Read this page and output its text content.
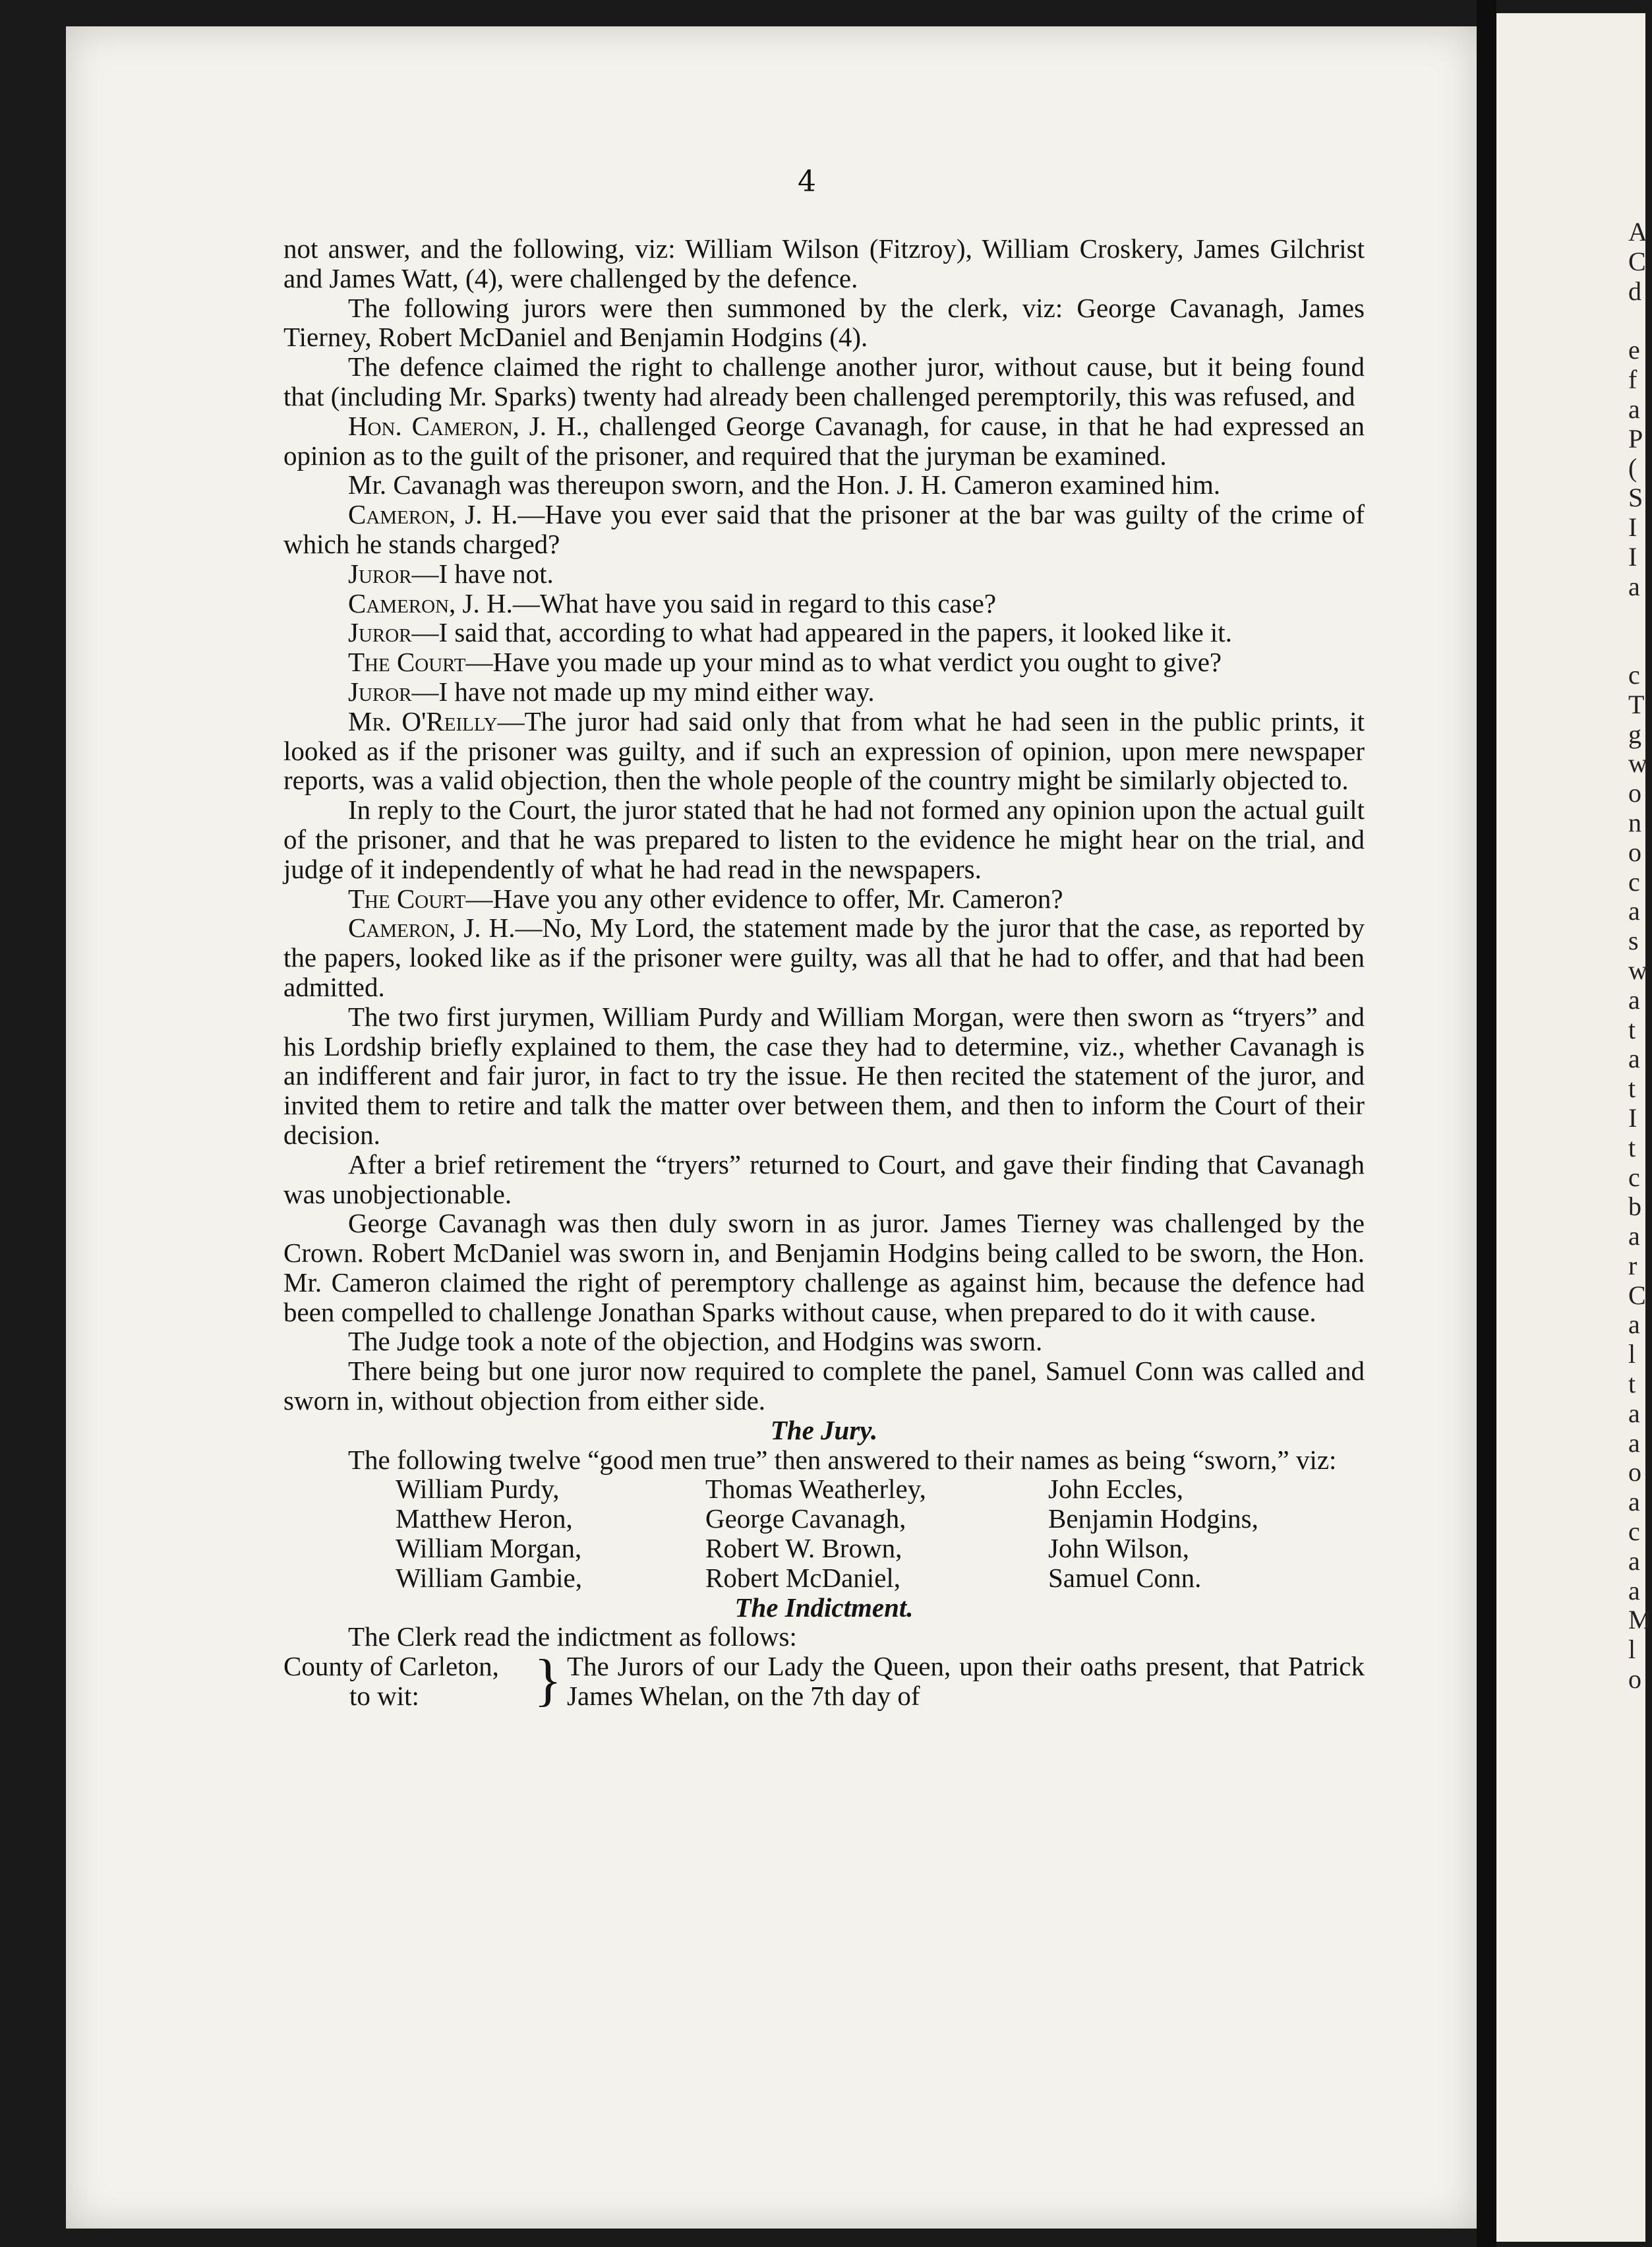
4

not answer, and the following, viz: William Wilson (Fitzroy), William Croskery, James Gilchrist and James Watt, (4), were challenged by the defence.

The following jurors were then summoned by the clerk, viz: George Cavanagh, James Tierney, Robert McDaniel and Benjamin Hodgins (4).

The defence claimed the right to challenge another juror, without cause, but it being found that (including Mr. Sparks) twenty had already been challenged peremptorily, this was refused, and

Hon. Cameron, J. H., challenged George Cavanagh, for cause, in that he had expressed an opinion as to the guilt of the prisoner, and required that the juryman be examined.

Mr. Cavanagh was thereupon sworn, and the Hon. J. H. Cameron examined him.

Cameron, J. H.—Have you ever said that the prisoner at the bar was guilty of the crime of which he stands charged?

Juror—I have not.

Cameron, J. H.—What have you said in regard to this case?

Juror—I said that, according to what had appeared in the papers, it looked like it.

The Court—Have you made up your mind as to what verdict you ought to give?

Juror—I have not made up my mind either way.

Mr. O'Reilly—The juror had said only that from what he had seen in the public prints, it looked as if the prisoner was guilty, and if such an expression of opinion, upon mere newspaper reports, was a valid objection, then the whole people of the country might be similarly objected to.

In reply to the Court, the juror stated that he had not formed any opinion upon the actual guilt of the prisoner, and that he was prepared to listen to the evidence he might hear on the trial, and judge of it independently of what he had read in the newspapers.

The Court—Have you any other evidence to offer, Mr. Cameron?

Cameron, J. H.—No, My Lord, the statement made by the juror that the case, as reported by the papers, looked like as if the prisoner were guilty, was all that he had to offer, and that had been admitted.

The two first jurymen, William Purdy and William Morgan, were then sworn as “tryers” and his Lordship briefly explained to them, the case they had to determine, viz., whether Cavanagh is an indifferent and fair juror, in fact to try the issue. He then recited the statement of the juror, and invited them to retire and talk the matter over between them, and then to inform the Court of their decision.

After a brief retirement the “tryers” returned to Court, and gave their finding that Cavanagh was unobjectionable.

George Cavanagh was then duly sworn in as juror. James Tierney was challenged by the Crown. Robert McDaniel was sworn in, and Benjamin Hodgins being called to be sworn, the Hon. Mr. Cameron claimed the right of peremptory challenge as against him, because the defence had been compelled to challenge Jonathan Sparks without cause, when prepared to do it with cause.

The Judge took a note of the objection, and Hodgins was sworn.

There being but one juror now required to complete the panel, Samuel Conn was called and sworn in, without objection from either side.

The Jury.

The following twelve “good men true” then answered to their names as being “sworn,” viz:

William Purdy,
Matthew Heron,
William Morgan,
William Gambie,
Thomas Weatherley,
George Cavanagh,
Robert W. Brown,
Robert McDaniel,
John Eccles,
Benjamin Hodgins,
John Wilson,
Samuel Conn.

The Indictment.

The Clerk read the indictment as follows:

County of Carleton,
to wit: } The Jurors of our Lady the Queen, upon their oaths present, that Patrick James Whelan, on the 7th day of
A
C
d
e
f
a
P
(
S
I
I
a
c
T
g
w
o
n
o
c
a
s
w
a
t
a
t
I
t
c
b
a
r
C
a
l
t
a
a
o
a
c
a
a
M
l
o
